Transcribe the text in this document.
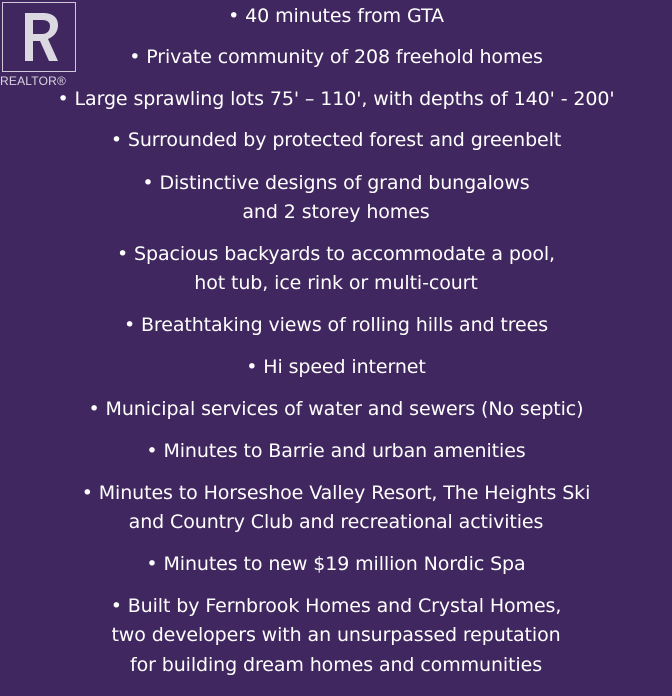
• 40 minutes from GTA
• Private community of 208 freehold homes
• Large sprawling lots 75' – 110', with depths of 140' - 200'
• Surrounded by protected forest and greenbelt
• Distinctive designs of grand bungalows
and 2 storey homes
• Spacious backyards to accommodate a pool,
hot tub, ice rink or multi-court
• Breathtaking views of rolling hills and trees
• Hi speed internet
• Municipal services of water and sewers (No septic)
• Minutes to Barrie and urban amenities
• Minutes to Horseshoe Valley Resort, The Heights Ski
and Country Club and recreational activities
• Minutes to new $19 million Nordic Spa
• Built by Fernbrook Homes and Crystal Homes,
two developers with an unsurpassed reputation
for building dream homes and communities
REALTOR®
